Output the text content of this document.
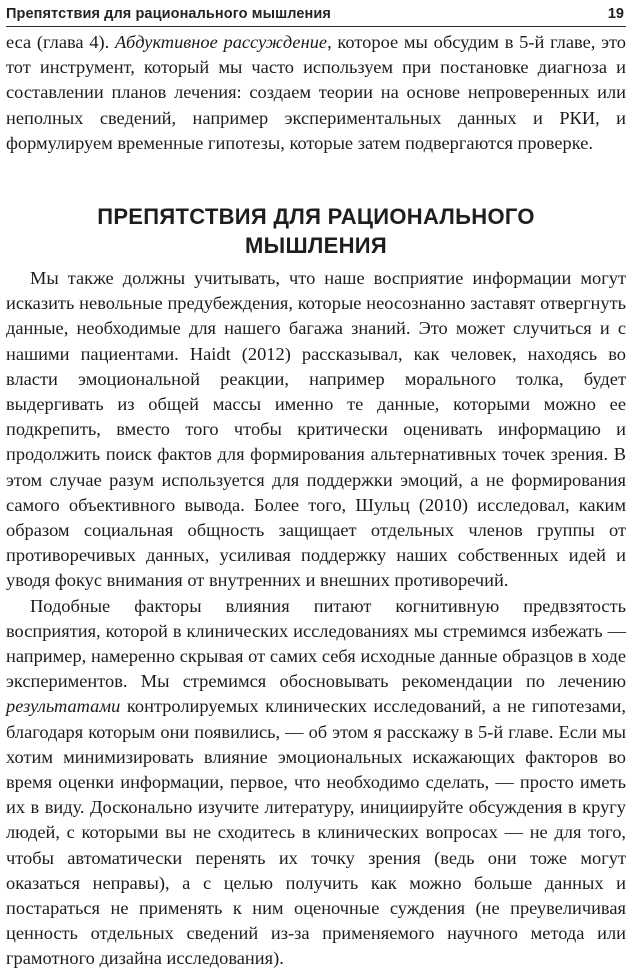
Препятствия для рационального мышления	19

еса (глава 4). Абдуктивное рассуждение, которое мы обсудим в 5-й главе, это тот инструмент, который мы часто используем при постановке диагноза и составлении планов лечения: создаем теории на основе непроверенных или неполных сведений, например экспериментальных данных и РКИ, и формулируем временные гипотезы, которые затем подвергаются проверке.

ПРЕПЯТСТВИЯ ДЛЯ РАЦИОНАЛЬНОГО
МЫШЛЕНИЯ

Мы также должны учитывать, что наше восприятие информации могут исказить невольные предубеждения, которые неосознанно заставят отвергнуть данные, необходимые для нашего багажа знаний. Это может случиться и с нашими пациентами. Haidt (2012) рассказывал, как человек, находясь во власти эмоциональной реакции, например морального толка, будет выдергивать из общей массы именно те данные, которыми можно ее подкрепить, вместо того чтобы критически оценивать информацию и продолжить поиск фактов для формирования альтернативных точек зрения. В этом случае разум используется для поддержки эмоций, а не формирования самого объективного вывода. Более того, Шульц (2010) исследовал, каким образом социальная общность защищает отдельных членов группы от противоречивых данных, усиливая поддержку наших собственных идей и уводя фокус внимания от внутренних и внешних противоречий.

Подобные факторы влияния питают когнитивную предвзятость восприятия, которой в клинических исследованиях мы стремимся избежать — например, намеренно скрывая от самих себя исходные данные образцов в ходе экспериментов. Мы стремимся обосновывать рекомендации по лечению результатами контролируемых клинических исследований, а не гипотезами, благодаря которым они появились, — об этом я расскажу в 5-й главе. Если мы хотим минимизировать влияние эмоциональных искажающих факторов во время оценки информации, первое, что необходимо сделать, — просто иметь их в виду. Досконально изучите литературу, инициируйте обсуждения в кругу людей, с которыми вы не сходитесь в клинических вопросах — не для того, чтобы автоматически перенять их точку зрения (ведь они тоже могут оказаться неправы), а с целью получить как можно больше данных и постараться не применять к ним оценочные суждения (не преувеличивая ценность отдельных сведений из-за применяемого научного метода или грамотного дизайна исследования).
